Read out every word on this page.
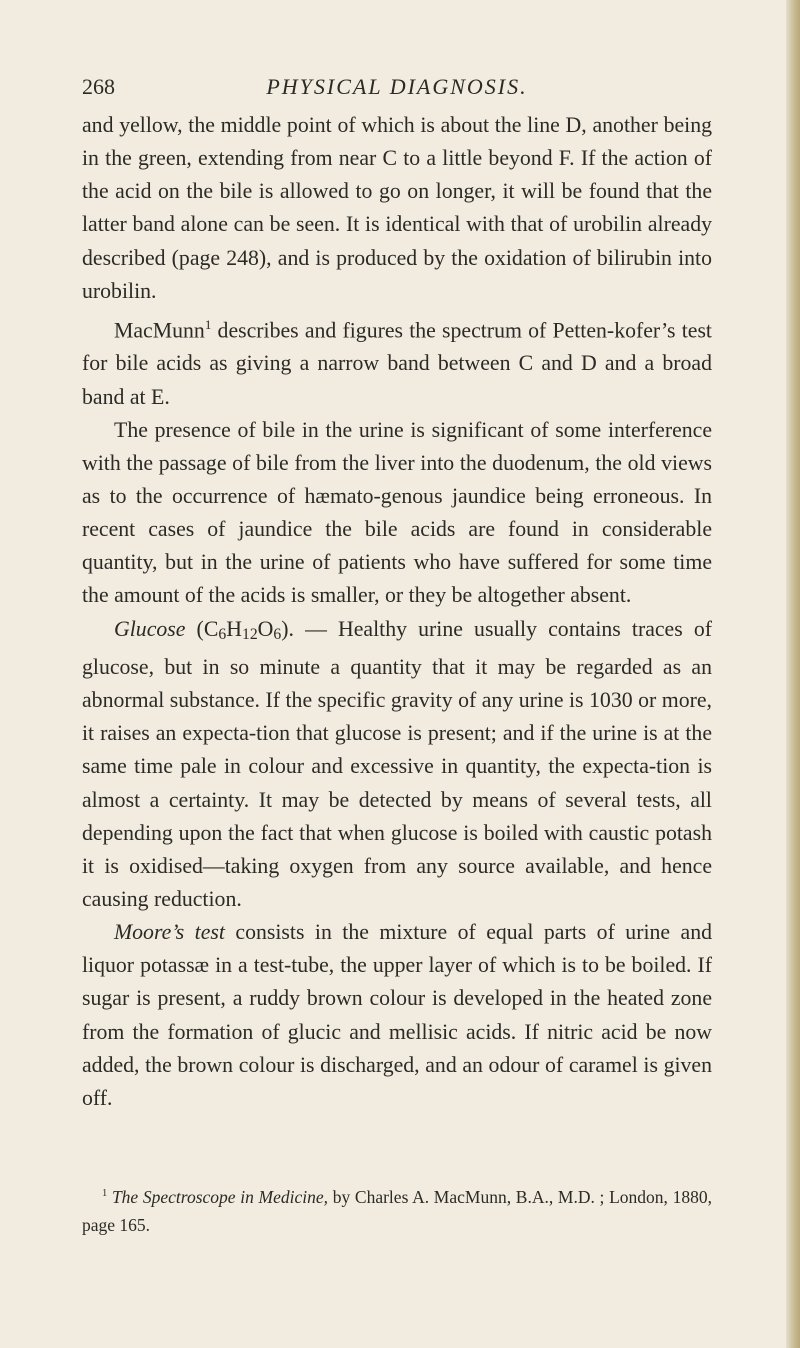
268	PHYSICAL DIAGNOSIS.

and yellow, the middle point of which is about the line D, another being in the green, extending from near C to a little beyond F. If the action of the acid on the bile is allowed to go on longer, it will be found that the latter band alone can be seen. It is identical with that of urobilin already described (page 248), and is produced by the oxidation of bilirubin into urobilin.

MacMunn$^1$ describes and figures the spectrum of Petten-kofer’s test for bile acids as giving a narrow band between C and D and a broad band at E.

The presence of bile in the urine is significant of some interference with the passage of bile from the liver into the duodenum, the old views as to the occurrence of hæmato-genous jaundice being erroneous. In recent cases of jaundice the bile acids are found in considerable quantity, but in the urine of patients who have suffered for some time the amount of the acids is smaller, or they be altogether absent.

Glucose $(C_6H_{12}O_6)$. — Healthy urine usually contains traces of glucose, but in so minute a quantity that it may be regarded as an abnormal substance. If the specific gravity of any urine is 1030 or more, it raises an expecta-tion that glucose is present; and if the urine is at the same time pale in colour and excessive in quantity, the expecta-tion is almost a certainty. It may be detected by means of several tests, all depending upon the fact that when glucose is boiled with caustic potash it is oxidised—taking oxygen from any source available, and hence causing reduction.

Moore’s test consists in the mixture of equal parts of urine and liquor potassæ in a test-tube, the upper layer of which is to be boiled. If sugar is present, a ruddy brown colour is developed in the heated zone from the formation of glucic and mellisic acids. If nitric acid be now added, the brown colour is discharged, and an odour of caramel is given off.

$^1$ The Spectroscope in Medicine, by Charles A. MacMunn, B.A., M.D. ; London, 1880, page 165.
